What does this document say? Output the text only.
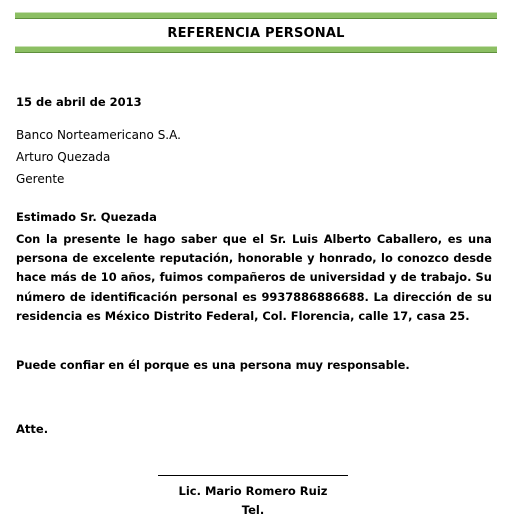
REFERENCIA PERSONAL
15 de abril de 2013
Banco Norteamericano S.A.
Arturo Quezada
Gerente
Estimado Sr. Quezada
Con la presente le hago saber que el Sr. Luis Alberto Caballero, es una
persona de excelente reputación, honorable y honrado, lo conozco desde
hace más de 10 años, fuimos compañeros de universidad y de trabajo. Su
número de identificación personal es 9937886886688. La dirección de su
residencia es México Distrito Federal, Col. Florencia, calle 17, casa 25.
Puede confiar en él porque es una persona muy responsable.
Atte.
Lic. Mario Romero Ruiz
Tel.
